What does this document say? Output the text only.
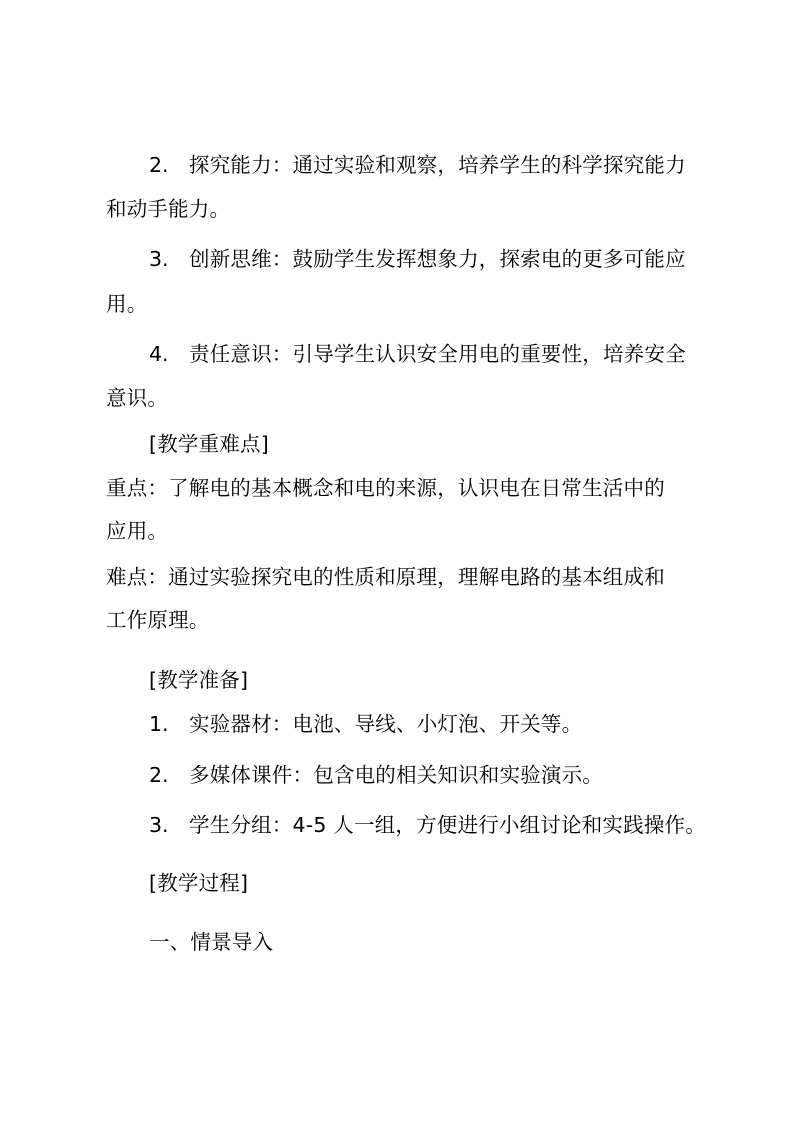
2. 探究能力：通过实验和观察，培养学生的科学探究能力
和动手能力。
3. 创新思维：鼓励学生发挥想象力，探索电的更多可能应
用。
4. 责任意识：引导学生认识安全用电的重要性，培养安全
意识。
[教学重难点]
重点：了解电的基本概念和电的来源，认识电在日常生活中的
应用。
难点：通过实验探究电的性质和原理，理解电路的基本组成和
工作原理。
[教学准备]
1. 实验器材：电池、导线、小灯泡、开关等。
2. 多媒体课件：包含电的相关知识和实验演示。
3. 学生分组：4-5 人一组，方便进行小组讨论和实践操作。
[教学过程]
一、情景导入
